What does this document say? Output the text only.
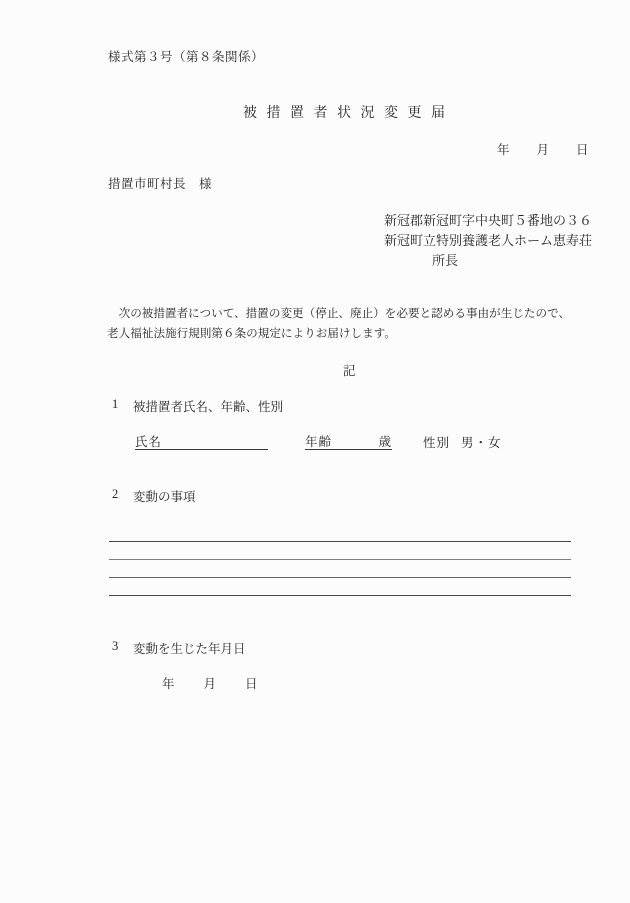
様式第３号（第８条関係）
被措置者状況変更届
年 月 日
措置市町村長　様
新冠郡新冠町字中央町５番地の３６
新冠町立特別養護老人ホーム恵寿荘
所長
　次の被措置者について、措置の変更（停止、廃止）を必要と認める事由が生じたので、
老人福祉法施行規則第６条の規定によりお届けします。
記
1	被措置者氏名、年齢、性別
氏名	年齢	歳 性別 男・女
2	変動の事項
3	変動を生じた年月日
年 月 日
